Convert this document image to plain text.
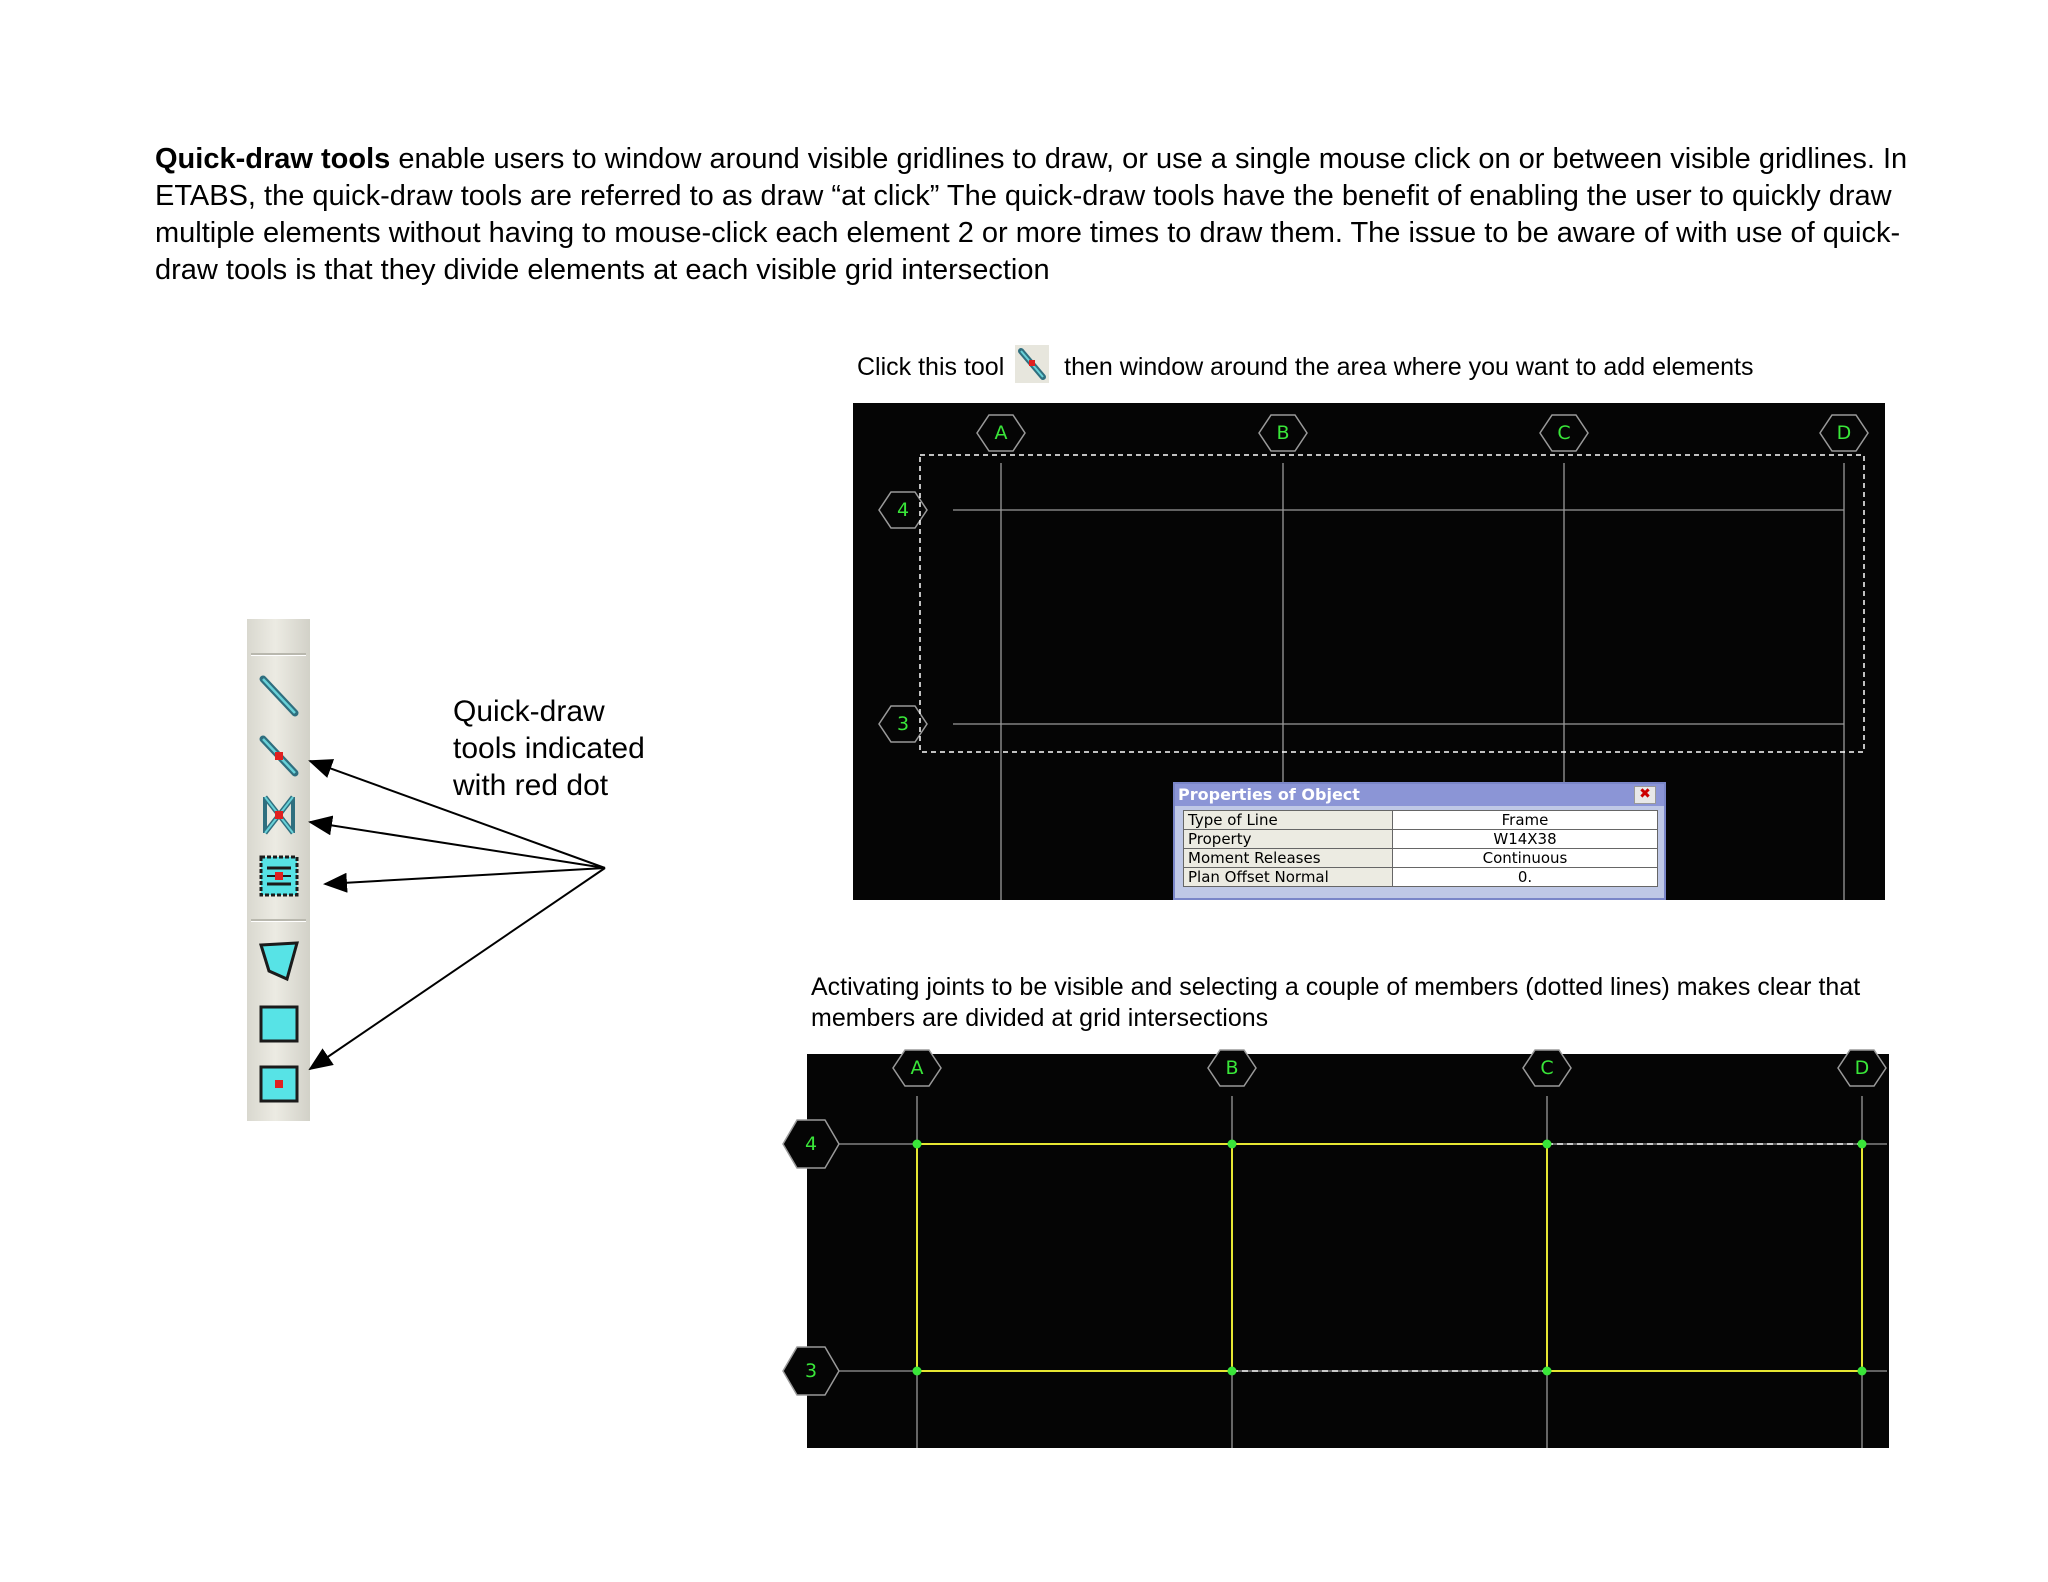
Quick-draw tools enable users to window around visible gridlines to draw, or use a single mouse click on or between visible gridlines. In ETABS, the quick-draw tools are referred to as draw “at click” The quick-draw tools have the benefit of enabling the user to quickly draw multiple elements without having to mouse-click each element 2 or more times to draw them. The issue to be aware of with use of quick-draw tools is that they divide elements at each visible grid intersection

Click this tool then window around the area where you want to add elements
A	B	C	D
4
3
Properties of Object	✖
Type of Line	Frame
Property	W14X38
Moment Releases	Continuous
Plan Offset Normal	0.
Quick-draw
tools indicated
with red dot
Activating joints to be visible and selecting a couple of members (dotted lines) makes clear that members are divided at grid intersections
A	B	C	D
4
3
